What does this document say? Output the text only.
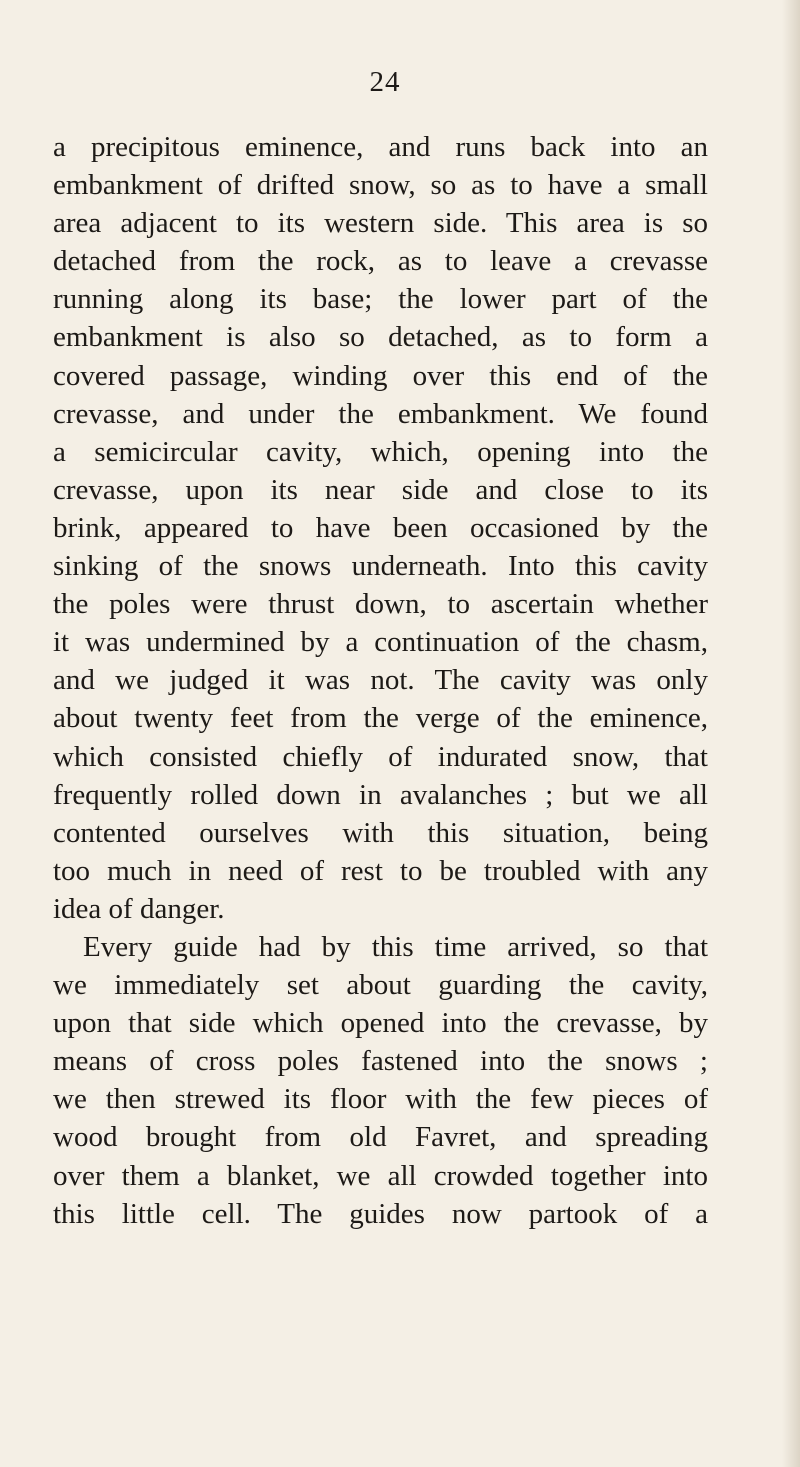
24
a precipitous eminence, and runs back into an
embankment of drifted snow, so as to have a small
area adjacent to its western side. This area is so
detached from the rock, as to leave a crevasse
running along its base; the lower part of the
embankment is also so detached, as to form a
covered passage, winding over this end of the
crevasse, and under the embankment. We found
a semicircular cavity, which, opening into the
crevasse, upon its near side and close to its
brink, appeared to have been occasioned by the
sinking of the snows underneath. Into this cavity
the poles were thrust down, to ascertain whether
it was undermined by a continuation of the chasm,
and we judged it was not. The cavity was only
about twenty feet from the verge of the eminence,
which consisted chiefly of indurated snow, that
frequently rolled down in avalanches ; but we all
contented ourselves with this situation, being
too much in need of rest to be troubled with any
idea of danger.
Every guide had by this time arrived, so that
we immediately set about guarding the cavity,
upon that side which opened into the crevasse, by
means of cross poles fastened into the snows ;
we then strewed its floor with the few pieces of
wood brought from old Favret, and spreading
over them a blanket, we all crowded together into
this little cell. The guides now partook of a
